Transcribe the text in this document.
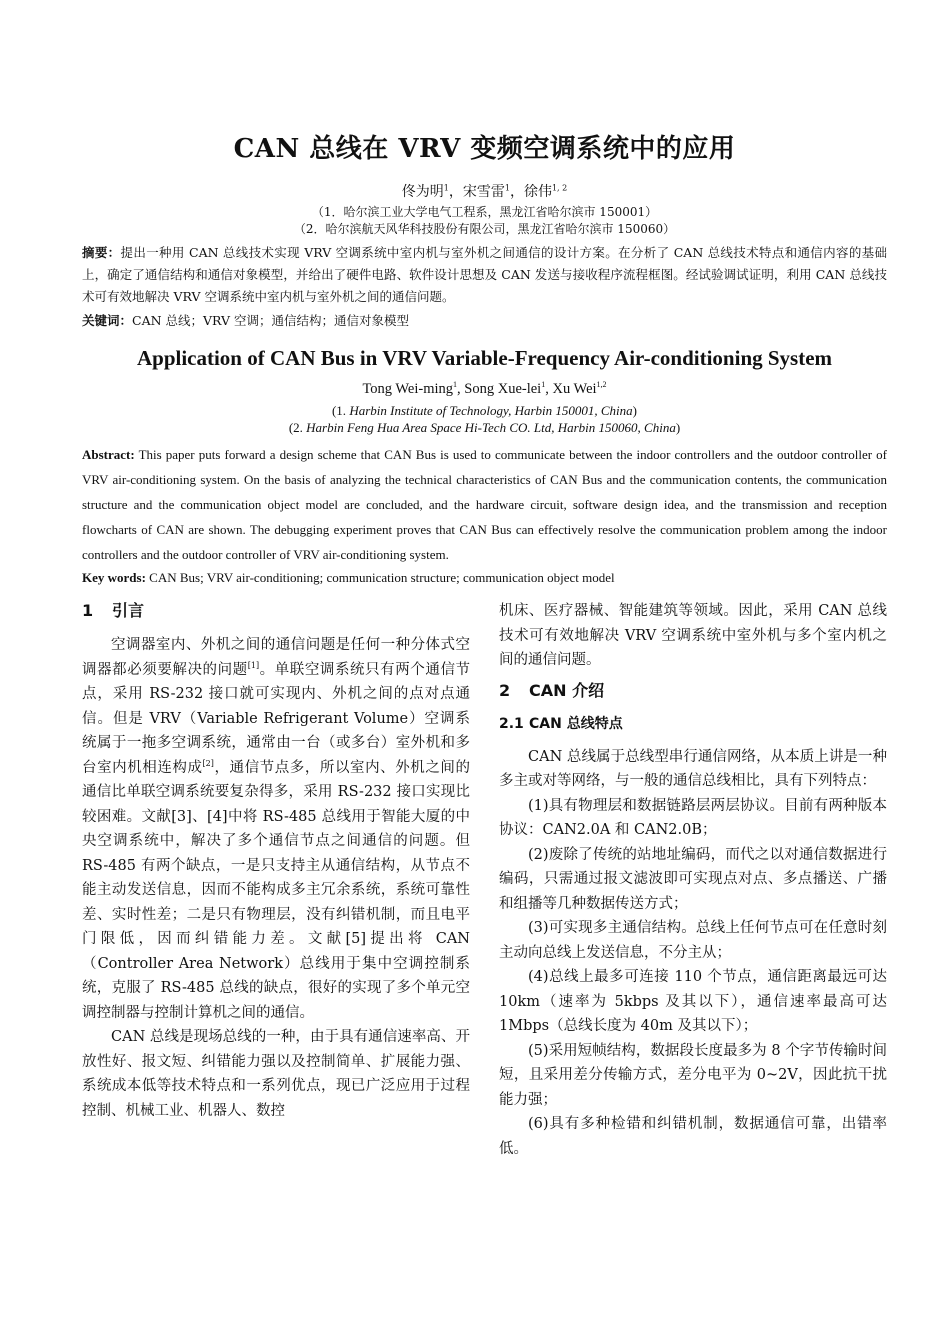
CAN 总线在 VRV 变频空调系统中的应用
佟为明$^1$，宋雪雷$^1$，徐伟$^{1, 2}$

（1．哈尔滨工业大学电气工程系，黑龙江省哈尔滨市 150001）

（2．哈尔滨航天风华科技股份有限公司，黑龙江省哈尔滨市 150060）

摘要：提出一种用 CAN 总线技术实现 VRV 空调系统中室内机与室外机之间通信的设计方案。在分析了 CAN 总线技术特点和通信内容的基础上，确定了通信结构和通信对象模型，并给出了硬件电路、软件设计思想及 CAN 发送与接收程序流程框图。经试验调试证明，利用 CAN 总线技术可有效地解决 VRV 空调系统中室内机与室外机之间的通信问题。

关键词：CAN 总线；VRV 空调；通信结构；通信对象模型

Application of CAN Bus in VRV Variable-Frequency Air-conditioning System
Tong Wei-ming$^1$, Song Xue-lei$^1$, Xu Wei$^{1,2}$

(1. Harbin Institute of Technology, Harbin 150001, China)

(2. Harbin Feng Hua Area Space Hi-Tech CO. Ltd, Harbin 150060, China)

Abstract: This paper puts forward a design scheme that CAN Bus is used to communicate between the indoor controllers and the outdoor controller of VRV air-conditioning system. On the basis of analyzing the technical characteristics of CAN Bus and the communication contents, the communication structure and the communication object model are concluded, and the hardware circuit, software design idea, and the transmission and reception flowcharts of CAN are shown. The debugging experiment proves that CAN Bus can effectively resolve the communication problem among the indoor controllers and the outdoor controller of VRV air-conditioning system.

Key words: CAN Bus; VRV air-conditioning; communication structure; communication object model

1 引言

空调器室内、外机之间的通信问题是任何一种分体式空调器都必须要解决的问题[1]。单联空调系统只有两个通信节点，采用 RS-232 接口就可实现内、外机之间的点对点通信。但是 VRV（Variable Refrigerant Volume）空调系统属于一拖多空调系统，通常由一台（或多台）室外机和多台室内机相连构成[2]，通信节点多，所以室内、外机之间的通信比单联空调系统要复杂得多，采用 RS-232 接口实现比较困难。文献[3]、[4]中将 RS-485 总线用于智能大厦的中央空调系统中，解决了多个通信节点之间通信的问题。但 RS-485 有两个缺点，一是只支持主从通信结构，从节点不能主动发送信息，因而不能构成多主冗余系统，系统可靠性差、实时性差；二是只有物理层，没有纠错机制，而且电平门限低，因而纠错能力差。文献[5]提出将 CAN（Controller Area Network）总线用于集中空调控制系统，克服了 RS-485 总线的缺点，很好的实现了多个单元空调控制器与控制计算机之间的通信。

CAN 总线是现场总线的一种，由于具有通信速率高、开放性好、报文短、纠错能力强以及控制简单、扩展能力强、系统成本低等技术特点和一系列优点，现已广泛应用于过程控制、机械工业、机器人、数控

机床、医疗器械、智能建筑等领域。因此，采用 CAN 总线技术可有效地解决 VRV 空调系统中室外机与多个室内机之间的通信问题。

2 CAN 介绍
2.1 CAN 总线特点

CAN 总线属于总线型串行通信网络，从本质上讲是一种多主或对等网络，与一般的通信总线相比，具有下列特点：

(1)具有物理层和数据链路层两层协议。目前有两种版本协议：CAN2.0A 和 CAN2.0B；

(2)废除了传统的站地址编码，而代之以对通信数据进行编码，只需通过报文滤波即可实现点对点、多点播送、广播和组播等几种数据传送方式；

(3)可实现多主通信结构。总线上任何节点可在任意时刻主动向总线上发送信息，不分主从；

(4)总线上最多可连接 110 个节点，通信距离最远可达 10km（速率为 5kbps 及其以下），通信速率最高可达 1Mbps（总线长度为 40m 及其以下）；

(5)采用短帧结构，数据段长度最多为 8 个字节传输时间短，且采用差分传输方式，差分电平为 0~2V，因此抗干扰能力强；

(6)具有多种检错和纠错机制，数据通信可靠，出错率低。
